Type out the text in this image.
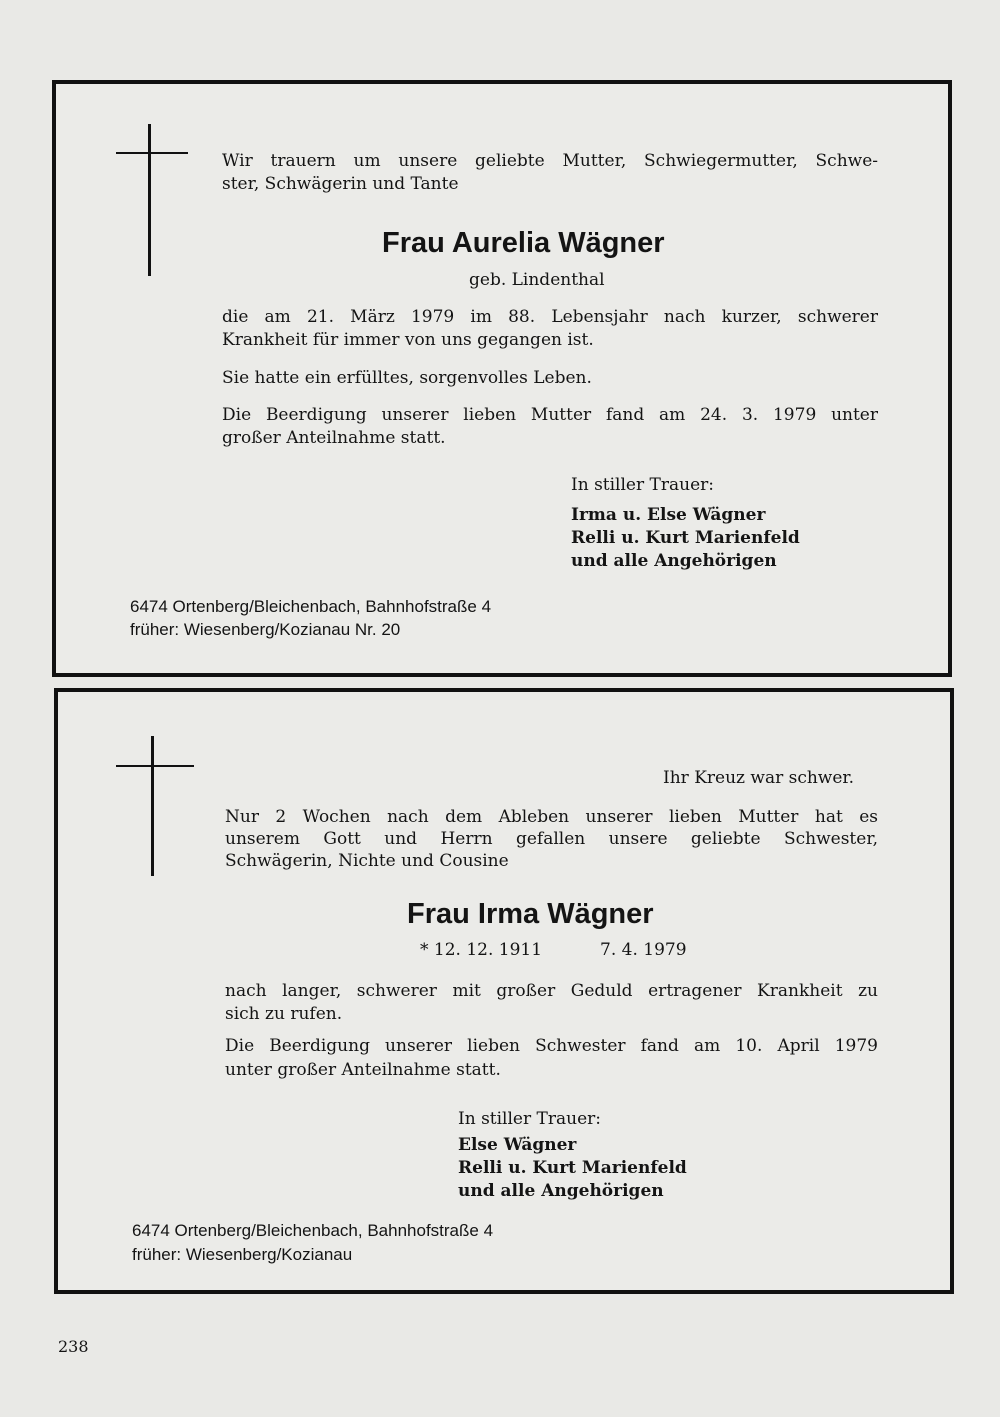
Wir trauern um unsere geliebte Mutter, Schwiegermutter, Schwe-

ster, Schwägerin und Tante

Frau Aurelia Wägner

geb. Lindenthal

die am 21. März 1979 im 88. Lebensjahr nach kurzer, schwerer

Krankheit für immer von uns gegangen ist.

Sie hatte ein erfülltes, sorgenvolles Leben.

Die Beerdigung unserer lieben Mutter fand am 24. 3. 1979 unter

großer Anteilnahme statt.

In stiller Trauer:

Irma u. Else Wägner

Relli u. Kurt Marienfeld

und alle Angehörigen

6474 Ortenberg/Bleichenbach, Bahnhofstraße 4

früher: Wiesenberg/Kozianau Nr. 20

Ihr Kreuz war schwer.

Nur 2 Wochen nach dem Ableben unserer lieben Mutter hat es

unserem Gott und Herrn gefallen unsere geliebte Schwester,

Schwägerin, Nichte und Cousine

Frau Irma Wägner

* 12. 12. 1911	7. 4. 1979

nach langer, schwerer mit großer Geduld ertragener Krankheit zu

sich zu rufen.

Die Beerdigung unserer lieben Schwester fand am 10. April 1979

unter großer Anteilnahme statt.

In stiller Trauer:

Else Wägner

Relli u. Kurt Marienfeld

und alle Angehörigen

6474 Ortenberg/Bleichenbach, Bahnhofstraße 4

früher: Wiesenberg/Kozianau

238
